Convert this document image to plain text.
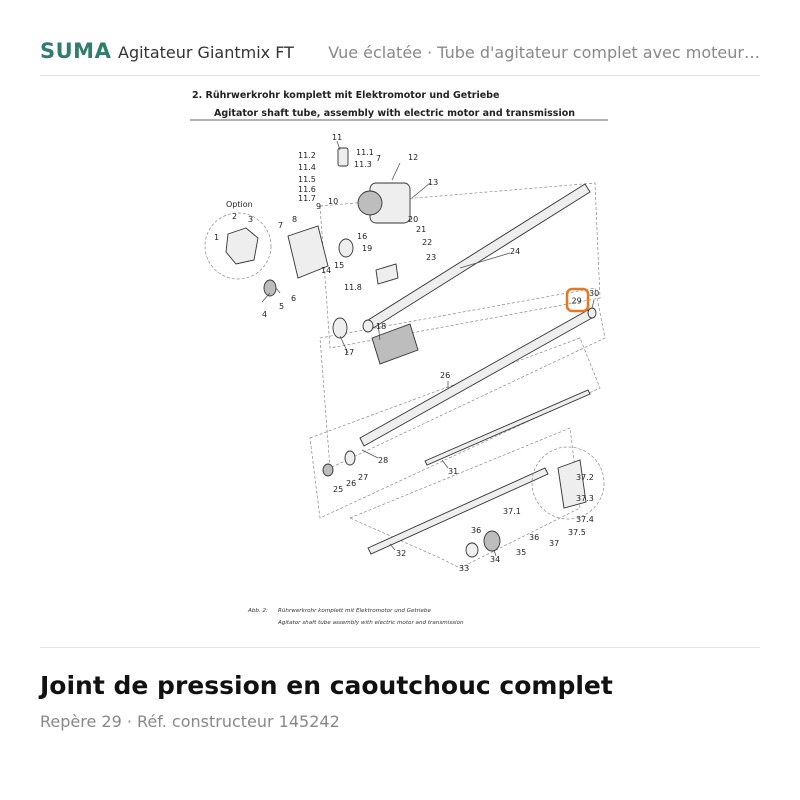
SUMA Agitateur Giantmix FT Vue éclatée · Tube d'agitateur complet avec moteur…
2. Rührwerkrohr komplett mit Elektromotor und Getriebe
Agitator shaft tube, assembly with electric motor and transmission
Option
29
11
11.1
11.2
11.3
11.4
11.5
11.6
11.7
7	12
13
10
9
8
7
16
20
21
22
23
19
15
14
24
6
5
4
3
2
1
11.8
17
18
30
26
28
27
25
31
26
37.2
37.3
37.4
37.5
37.1
36
37
36
35
34
33
32
Abb. 2: Rührwerkrohr komplett mit Elektromotor und Getriebe
Agitator shaft tube assembly with electric motor and transmission
Joint de pression en caoutchouc complet
Repère 29 · Réf. constructeur 145242
